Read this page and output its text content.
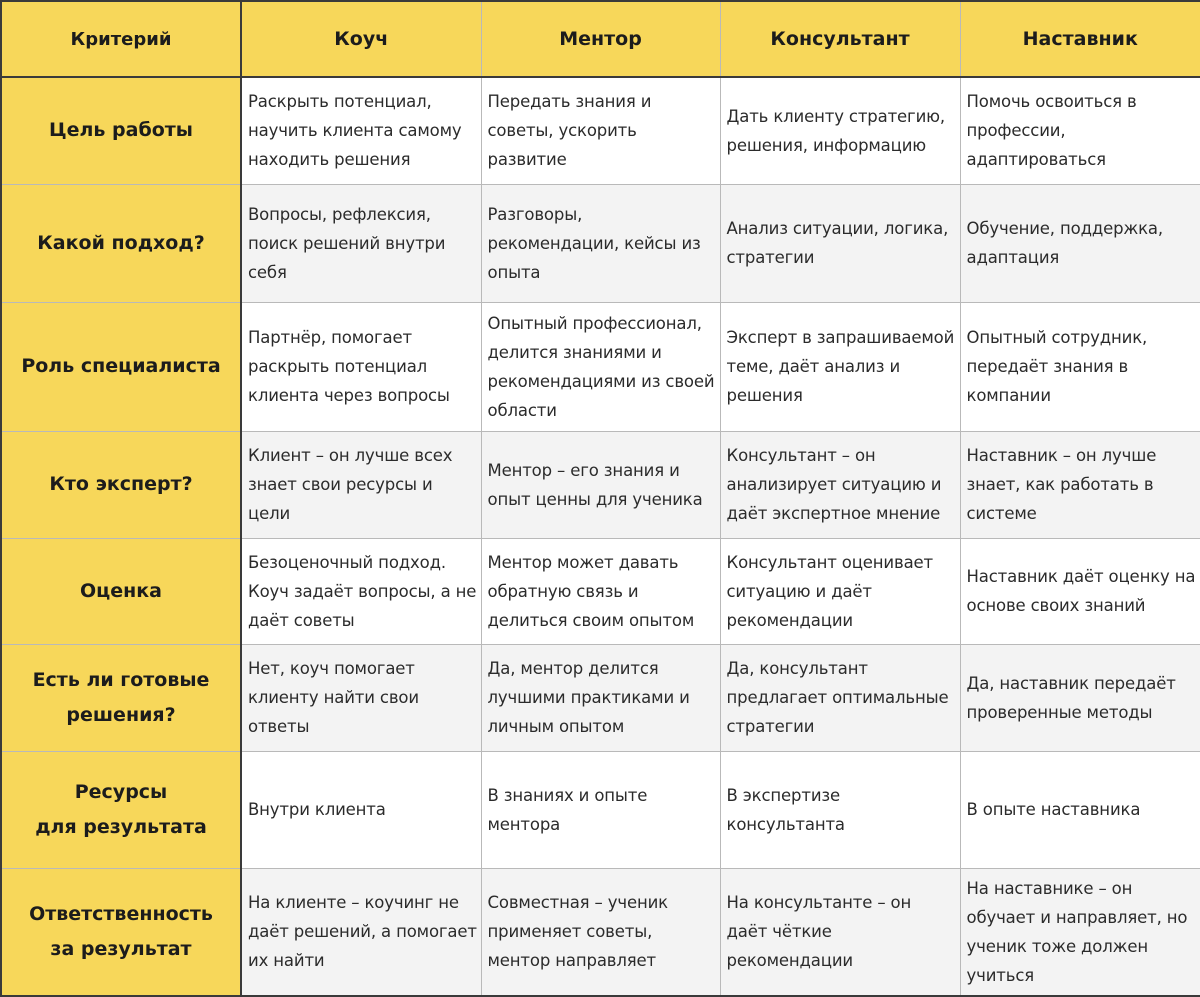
Критерий	Коуч	Ментор	Консультант	Наставник
Цель работы	Раскрыть потенциал, научить клиента самому находить решения	Передать знания и советы, ускорить развитие	Дать клиенту стратегию, решения, информацию	Помочь освоиться в профессии, адаптироваться
Какой подход?	Вопросы, рефлексия, поиск решений внутри себя	Разговоры, рекомендации, кейсы из опыта	Анализ ситуации, логика, стратегии	Обучение, поддержка, адаптация
Роль специалиста	Партнёр, помогает раскрыть потенциал клиента через вопросы	Опытный профессионал, делится знаниями и рекомендациями из своей области	Эксперт в запрашиваемой теме, даёт анализ и решения	Опытный сотрудник, передаёт знания в компании
Кто эксперт?	Клиент – он лучше всех знает свои ресурсы и цели	Ментор – его знания и опыт ценны для ученика	Консультант – он анализирует ситуацию и даёт экспертное мнение	Наставник – он лучше знает, как работать в системе
Оценка	Безоценочный подход. Коуч задаёт вопросы, а не даёт советы	Ментор может давать обратную связь и делиться своим опытом	Консультант оценивает ситуацию и даёт рекомендации	Наставник даёт оценку на основе своих знаний
Есть ли готовые
решения?	Нет, коуч помогает клиенту найти свои ответы	Да, ментор делится лучшими практиками и личным опытом	Да, консультант предлагает оптимальные стратегии	Да, наставник передаёт проверенные методы
Ресурсы
для результата	Внутри клиента	В знаниях и опыте ментора	В экспертизе консультанта	В опыте наставника
Ответственность
за результат	На клиенте – коучинг не даёт решений, а помогает их найти	Совместная – ученик применяет советы, ментор направляет	На консультанте – он даёт чёткие рекомендации	На наставнике – он обучает и направляет, но ученик тоже должен учиться
